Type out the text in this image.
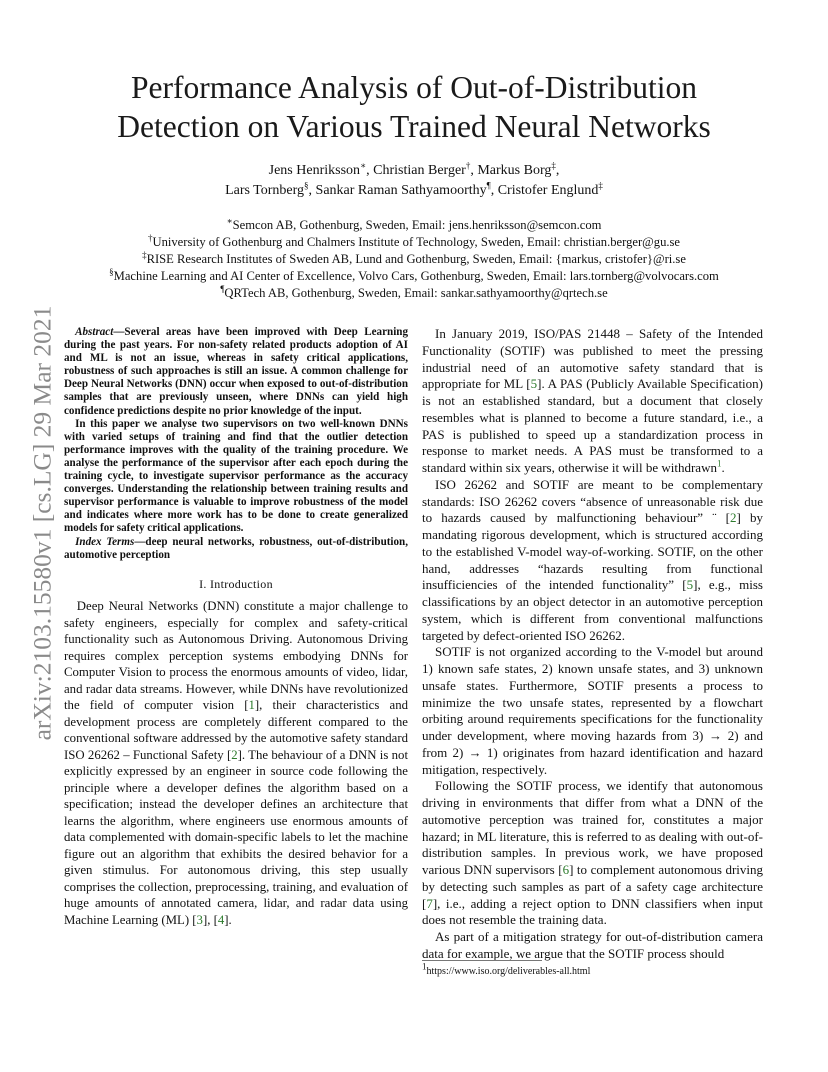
Performance Analysis of Out-of-Distribution
Detection on Various Trained Neural Networks
Jens Henriksson∗, Christian Berger†, Markus Borg‡,
Lars Tornberg§, Sankar Raman Sathyamoorthy¶, Cristofer Englund‡
∗Semcon AB, Gothenburg, Sweden, Email: jens.henriksson@semcon.com
†University of Gothenburg and Chalmers Institute of Technology, Sweden, Email: christian.berger@gu.se
‡RISE Research Institutes of Sweden AB, Lund and Gothenburg, Sweden, Email: {markus, cristofer}@ri.se
§Machine Learning and AI Center of Excellence, Volvo Cars, Gothenburg, Sweden, Email: lars.tornberg@volvocars.com
¶QRTech AB, Gothenburg, Sweden, Email: sankar.sathyamoorthy@qrtech.se
arXiv:2103.15580v1 [cs.LG] 29 Mar 2021	Abstract—Several areas have been improved with Deep Learning during the past years. For non-safety related products adoption of AI and ML is not an issue, whereas in safety critical applications, robustness of such approaches is still an issue. A common challenge for Deep Neural Networks (DNN) occur when exposed to out-of-distribution samples that are previously unseen, where DNNs can yield high confidence predictions despite no prior knowledge of the input.

In this paper we analyse two supervisors on two well-known DNNs with varied setups of training and find that the outlier detection performance improves with the quality of the training procedure. We analyse the performance of the supervisor after each epoch during the training cycle, to investigate supervisor performance as the accuracy converges. Understanding the relationship between training results and supervisor performance is valuable to improve robustness of the model and indicates where more work has to be done to create generalized models for safety critical applications.

Index Terms—deep neural networks, robustness, out-of-distribution, automotive perception

I. Introduction

Deep Neural Networks (DNN) constitute a major challenge to safety engineers, especially for complex and safety-critical functionality such as Autonomous Driving. Autonomous Driving requires complex perception systems embodying DNNs for Computer Vision to process the enormous amounts of video, lidar, and radar data streams. However, while DNNs have revolutionized the field of computer vision [1], their characteristics and development process are completely different compared to the conventional software addressed by the automotive safety standard ISO 26262 – Functional Safety [2]. The behaviour of a DNN is not explicitly expressed by an engineer in source code following the principle where a developer defines the algorithm based on a specification; instead the developer defines an architecture that learns the algorithm, where engineers use enormous amounts of data complemented with domain-specific labels to let the machine figure out an algorithm that exhibits the desired behavior for a given stimulus. For autonomous driving, this step usually comprises the collection, preprocessing, training, and evaluation of huge amounts of annotated camera, lidar, and radar data using Machine Learning (ML) [3], [4].

In January 2019, ISO/PAS 21448 – Safety of the Intended Functionality (SOTIF) was published to meet the pressing industrial need of an automotive safety standard that is appropriate for ML [5]. A PAS (Publicly Available Specification) is not an established standard, but a document that closely resembles what is planned to become a future standard, i.e., a PAS is published to speed up a standardization process in response to market needs. A PAS must be transformed to a standard within six years, otherwise it will be withdrawn$^1$.

ISO 26262 and SOTIF are meant to be complementary standards: ISO 26262 covers “absence of unreasonable risk due to hazards caused by malfunctioning behaviour” ¨ [2] by mandating rigorous development, which is structured according to the established V-model way-of-working. SOTIF, on the other hand, addresses “hazards resulting from functional insufficiencies of the intended functionality” [5], e.g., miss classifications by an object detector in an automotive perception system, which is different from conventional malfunctions targeted by defect-oriented ISO 26262.

SOTIF is not organized according to the V-model but around 1) known safe states, 2) known unsafe states, and 3) unknown unsafe states. Furthermore, SOTIF presents a process to minimize the two unsafe states, represented by a flowchart orbiting around requirements specifications for the functionality under development, where moving hazards from 3) → 2) and from 2) → 1) originates from hazard identification and hazard mitigation, respectively.

Following the SOTIF process, we identify that autonomous driving in environments that differ from what a DNN of the automotive perception was trained for, constitutes a major hazard; in ML literature, this is referred to as dealing with out-of-distribution samples. In previous work, we have proposed various DNN supervisors [6] to complement autonomous driving by detecting such samples as part of a safety cage architecture [7], i.e., adding a reject option to DNN classifiers when input does not resemble the training data.

As part of a mitigation strategy for out-of-distribution camera data for example, we argue that the SOTIF process should

$^1$https://www.iso.org/deliverables-all.html
